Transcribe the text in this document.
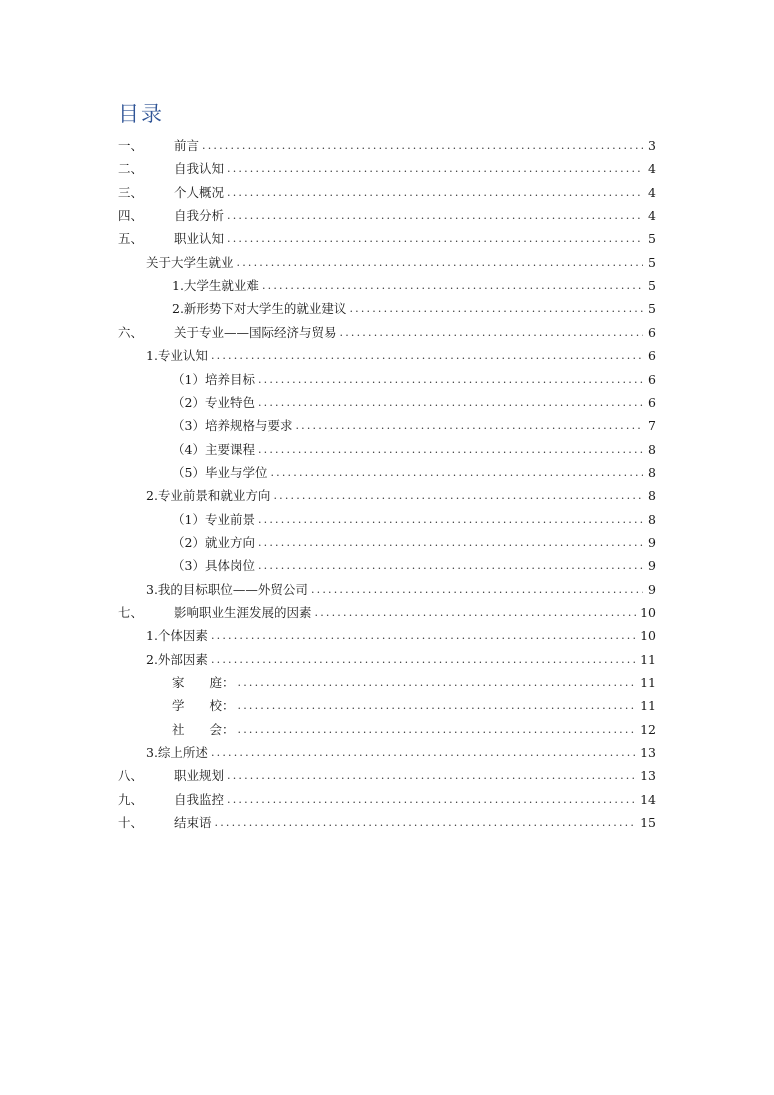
目录
一、	前言 .....	3
二、	自我认知 .....	4
三、	个人概况 .....	4
四、	自我分析 .....	4
五、	职业认知 .....	5
关于大学生就业 .....	5
1.大学生就业难 .....	5
2.新形势下对大学生的就业建议 .....	5
六、	关于专业——国际经济与贸易 .....	6
1.专业认知 .....	6
（1）培养目标 .....	6
（2）专业特色 .....	6
（3）培养规格与要求 .....	7
（4）主要课程 .....	8
（5）毕业与学位 .....	8
2.专业前景和就业方向 .....	8
（1）专业前景 .....	8
（2）就业方向 .....	9
（3）具体岗位 .....	9
3.我的目标职位——外贸公司 .....	9
七、	影响职业生涯发展的因素 .....	10
1.个体因素 .....	10
2.外部因素 .....	11
家　　庭： .....	11
学　　校： .....	11
社　　会： .....	12
3.综上所述 .....	13
八、	职业规划 .....	13
九、	自我监控 .....	14
十、	结束语 .....	15
